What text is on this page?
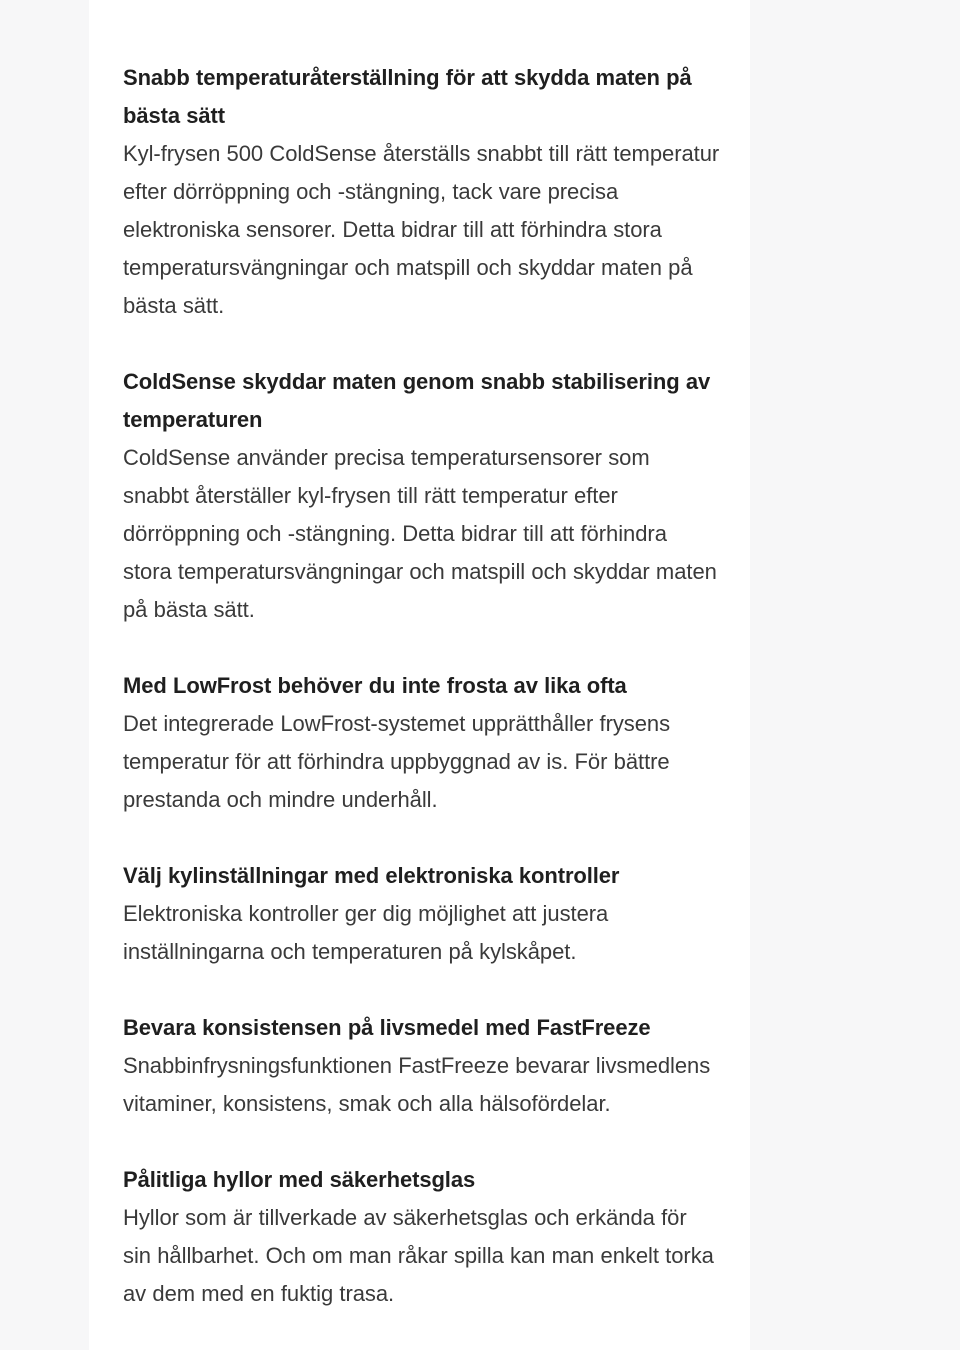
Snabb temperaturåterställning för att skydda maten på bästa sätt

Kyl-frysen 500 ColdSense återställs snabbt till rätt temperatur efter dörröppning och -stängning, tack vare precisa elektroniska sensorer. Detta bidrar till att förhindra stora temperatursvängningar och matspill och skyddar maten på bästa sätt.

ColdSense skyddar maten genom snabb stabilisering av temperaturen

ColdSense använder precisa temperatursensorer som snabbt återställer kyl-frysen till rätt temperatur efter dörröppning och -stängning. Detta bidrar till att förhindra stora temperatursvängningar och matspill och skyddar maten på bästa sätt.

Med LowFrost behöver du inte frosta av lika ofta

Det integrerade LowFrost-systemet upprätthåller frysens temperatur för att förhindra uppbyggnad av is. För bättre prestanda och mindre underhåll.

Välj kylinställningar med elektroniska kontroller

Elektroniska kontroller ger dig möjlighet att justera inställningarna och temperaturen på kylskåpet.

Bevara konsistensen på livsmedel med FastFreeze

Snabbinfrysningsfunktionen FastFreeze bevarar livsmedlens vitaminer, konsistens, smak och alla hälsofördelar.

Pålitliga hyllor med säkerhetsglas

Hyllor som är tillverkade av säkerhetsglas och erkända för sin hållbarhet. Och om man råkar spilla kan man enkelt torka av dem med en fuktig trasa.
